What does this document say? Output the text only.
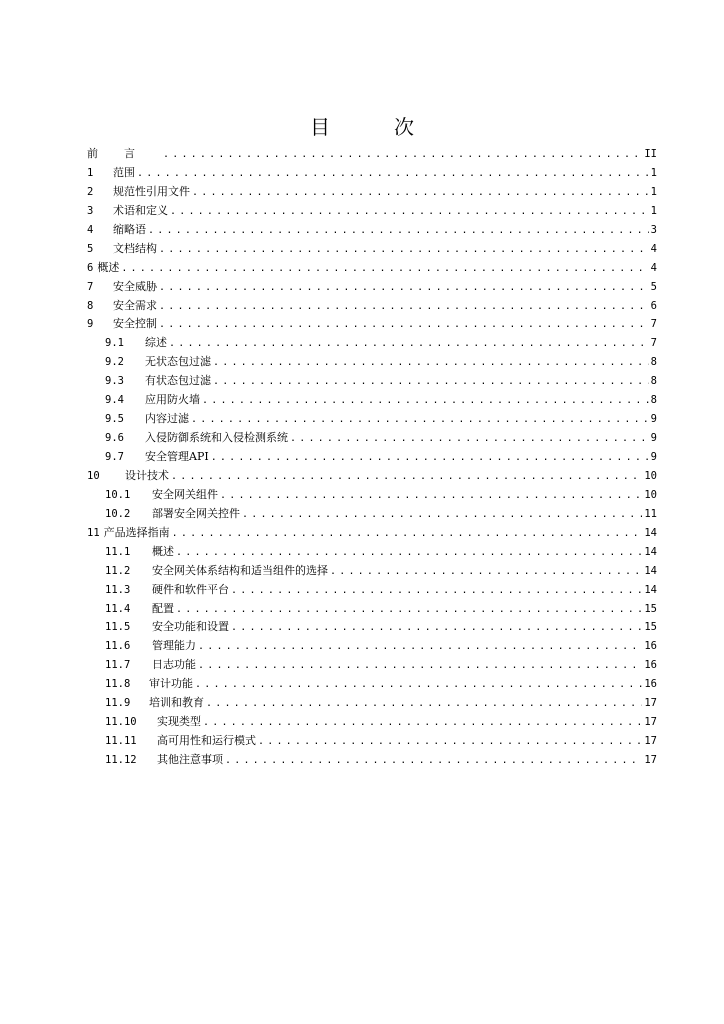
目　次
前言 .....	II
1	范围 .....	1
2	规范性引用文件 .....	1
3	术语和定义 .....	1
4	缩略语 .....	3
5	文档结构 .....	4
6 概述 .....	4
7	安全威胁 .....	5
8	安全需求 .....	6
9	安全控制 .....	7
9.1	综述 .....	7
9.2	无状态包过滤 .....	8
9.3	有状态包过滤 .....	8
9.4	应用防火墙 .....	8
9.5	内容过滤 .....	9
9.6	入侵防御系统和入侵检测系统 .....	9
9.7	安全管理API .....	9
10	设计技术 .....	10
10.1	安全网关组件 .....	10
10.2	部署安全网关控件 .....	11
11 产品选择指南 .....	14
11.1	概述 .....	14
11.2	安全网关体系结构和适当组件的选择 .....	14
11.3	硬件和软件平台 .....	14
11.4	配置 .....	15
11.5	安全功能和设置 .....	15
11.6	管理能力 .....	16
11.7	日志功能 .....	16
11.8	审计功能 .....	16
11.9	培训和教育 .....	17
11.10	实现类型 .....	17
11.11	高可用性和运行模式 .....	17
11.12	其他注意事项 .....	17
